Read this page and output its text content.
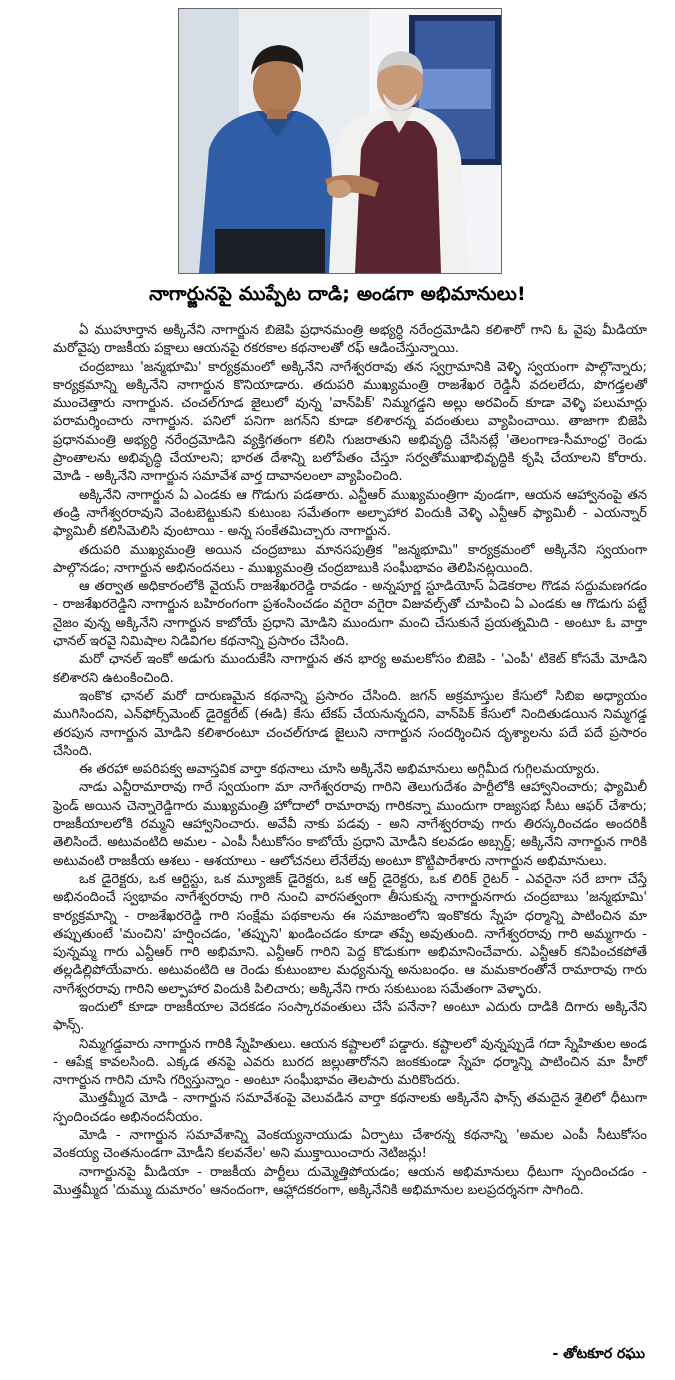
నాగార్జునపై ముప్పేట దాడి; అండగా అభిమానులు!

ఏ ముహూర్తాన అక్కినేని నాగార్జున బిజెపి ప్రధానమంత్రి అభ్యర్ధి నరేంద్రమోడిని కలిశారో గాని ఓ వైపు మీడియా మరోవైపు రాజకీయ పక్షాలు ఆయనపై రకరకాల కథనాలతో రఫ్ ఆడించేస్తున్నాయి.

చంద్రబాబు 'జన్మభూమి' కార్యక్రమంలో అక్కినేని నాగేశ్వరరావు తన స్వగ్రామానికి వెళ్ళి స్వయంగా పాల్గొన్నారు; కార్యక్రమాన్ని అక్కినేని నాగార్జున కొనియాడారు. తదుపరి ముఖ్యమంత్రి రాజశేఖర రెడ్డినీ వదలలేదు, పొగడ్తలతో ముంచెత్తారు నాగార్జున. చంచల్‌గూడ జైలులో వున్న 'వాన్‌పిక్' నిమ్మగడ్డని అల్లు అరవింద్ కూడా వెళ్ళి పలుమార్లు పరామర్శించారు నాగార్జున. పనిలో పనిగా జగన్‌ని కూడా కలిశారన్న వదంతులు వ్యాపించాయి. తాజాగా బిజెపి ప్రధానమంత్రి అభ్యర్ధి నరేంద్రమోడిని వ్యక్తిగతంగా కలిసి గుజరాతుని అభివృద్ధి చేసినట్లే 'తెలంగాణ-సీమాంధ్ర' రెండు ప్రాంతాలను అభివృద్ధి చేయాలని; భారత దేశాన్ని బలోపేతం చేస్తూ సర్వతోముఖాభివృద్ధికి కృషి చేయాలని కోరారు. మోడి - అక్కినేని నాగార్జున సమావేశ వార్త దావానలంలా వ్యాపించింది.

అక్కినేని నాగార్జున ఏ ఎండకు ఆ గొడుగు పడతారు. ఎన్టీఆర్ ముఖ్యమంత్రిగా వుండగా, ఆయన ఆహ్వానంపై తన తండ్రి నాగేశ్వరరావుని వెంటబెట్టుకుని కుటుంబ సమేతంగా అల్పాహార విందుకి వెళ్ళి ఎన్టీఆర్ ఫ్యామిలీ - ఎయన్నార్ ఫ్యామిలీ కలిసిమెలిసి వుంటాయి - అన్న సంకేతమిచ్చారు నాగార్జున.

తదుపరి ముఖ్యమంత్రి అయిన చంద్రబాబు మానసపుత్రిక "జన్మభూమి" కార్యక్రమంలో అక్కినేని స్వయంగా పాల్గొనడం; నాగార్జున అభినందనలు - ముఖ్యమంత్రి చంద్రబాబుకి సంఘీభావం తెలిపినట్లయింది.

ఆ తర్వాత అధికారంలోకి వైయస్ రాజశేఖరరెడ్డి రావడం - అన్నపూర్ణ స్టూడియోస్ ఏడెకరాల గొడవ సద్దుమణగడం - రాజశేఖరరెడ్డిని నాగార్జున బహిరంగంగా ప్రశంసించడం వగైరా వగైరా విజువల్స్‌తో చూపించి ఏ ఎండకు ఆ గొడుగు పట్టే నైజం వున్న అక్కినేని నాగార్జున కాబోయే ప్రధాని మోడిని ముందుగా మంచి చేసుకునే ప్రయత్నమిది - అంటూ ఓ వార్తా ఛానల్ ఇరవై నిమిషాల నిడివిగల కథనాన్ని ప్రసారం చేసింది.

మరో ఛానల్ ఇంకో అడుగు ముందుకేసి నాగార్జున తన భార్య అమలకోసం బిజెపి - 'ఎంపీ' టికెట్ కోసమే మోడిని కలిశారని ఉటంకించింది.

ఇంకొక ఛానల్ మరో దారుణమైన కథనాన్ని ప్రసారం చేసింది. జగన్ అక్రమాస్తుల కేసులో సిబిఐ అధ్యాయం ముగిసిందని, ఎన్‌ఫోర్స్‌మెంట్ డైరెక్టరేట్ (ఈడి) కేసు టేకప్ చేయనున్నదని, వాన్‌పిక్ కేసులో నిందితుడయిన నిమ్మగడ్డ తరపున నాగార్జున మోడిని కలిశారంటూ చంచల్‌గూడ జైలుని నాగార్జున సందర్శించిన దృశ్యాలను పదే పదే ప్రసారం చేసింది.

ఈ తరహా అపరిపక్వ అవాస్తవిక వార్తా కథనాలు చూసి అక్కినేని అభిమానులు అగ్గిమీద గుగ్గిలమయ్యారు.

నాడు ఎన్టీరామారావు గారే స్వయంగా మా నాగేశ్వరరావు గారిని తెలుగుదేశం పార్టీలోకి ఆహ్వానించారు; ఫ్యామిలీ ఫ్రెండ్ అయిన చెన్నారెడ్డిగారు ముఖ్యమంత్రి హోదాలో రామారావు గారికన్నా ముందుగా రాజ్యసభ సీటు ఆఫర్ చేశారు; రాజకీయాలలోకి రమ్మని ఆహ్వానించారు. అవేవీ నాకు పడవు - అని నాగేశ్వరరావు గారు తిరస్కరించడం అందరికీ తెలిసిందే. అటువంటిది అమల - ఎంపీ సీటుకోసం కాబోయే ప్రధాని మోడీని కలవడం అబ్సర్డ్; అక్కినేని నాగార్జున గారికి అటువంటి రాజకీయ ఆశలు - ఆశయాలు - ఆలోచనలు లేనేలేవు అంటూ కొట్టిపారేశారు నాగార్జున అభిమానులు.

ఒక డైరెక్టరు, ఒక ఆర్టిస్టు, ఒక మ్యూజిక్ డైరెక్టరు, ఒక ఆర్ట్ డైరెక్టరు, ఒక లిరిక్ రైటర్ - ఎవరైనా సరే బాగా చేస్తే అభినందించే స్వభావం నాగేశ్వరరావు గారి నుంచి వారసత్వంగా తీసుకున్న నాగార్జునగారు చంద్రబాబు 'జన్మభూమి' కార్యక్రమాన్ని - రాజశేఖరరెడ్డి గారి సంక్షేమ పథకాలను ఈ సమాజంలోని ఇంకొకరు స్నేహ ధర్మాన్ని పాటించిన మా తప్పుతుంటే 'మంచిని' హర్షించడం, 'తప్పుని' ఖండించడం కూడా తప్పే అవుతుంది. నాగేశ్వరరావు గారి అమ్మగారు - పున్నమ్మ గారు ఎన్టీఆర్ గారి అభిమాని. ఎన్టీఆర్ గారిని పెద్ద కొడుకుగా అభిమానించేవారు. ఎన్టీఆర్ కనిపించకపోతే తల్లడిల్లిపోయేవారు. అటువంటిది ఆ రెండు కుటుంబాల మధ్యనున్న అనుబంధం. ఆ మమకారంతోనే రామారావు గారు నాగేశ్వరరావు గారిని అల్పాహార విందుకి పిలిచారు; అక్కినేని గారు సకుటుంబ సమేతంగా వెళ్ళారు.

ఇందులో కూడా రాజకీయాల వెదకడం సంస్కారవంతులు చేసే పనేనా? అంటూ ఎదురు దాడికి దిగారు అక్కినేని ఫాన్స్.

నిమ్మగడ్డవారు నాగార్జున గారికి స్నేహితులు. ఆయన కష్టాలలో పడ్డారు. కష్టాలలో వున్నప్పుడే గదా స్నేహితుల అండ - ఆపేక్ష కావలసింది. ఎక్కడ తనపై ఎవరు బురద జల్లుతారోనని జంకకుండా స్నేహ ధర్మాన్ని పాటించిన మా హీరో నాగార్జున గారిని చూసి గర్విస్తున్నాం - అంటూ సంఘీభావం తెలపారు మరికొందరు.

మొత్తమ్మీద మోడి - నాగార్జున సమావేశంపై వెలువడిన వార్తా కథనాలకు అక్కినేని ఫాన్స్ తమదైన శైలిలో ధీటుగా స్పందించడం అభినందనీయం.

మోడి - నాగార్జున సమావేశాన్ని వెంకయ్యనాయుడు ఏర్పాటు చేశారన్న కథనాన్ని 'అమల ఎంపీ సీటుకోసం వెంకయ్య చెంతనుండగా మోడీని కలవనేల' అని ముక్తాయించారు నెటిజన్లు!

నాగార్జునపై మీడియా - రాజకీయ పార్టీలు దుమ్మెత్తిపోయడం; ఆయన అభిమానులు ధీటుగా స్పందించడం - మొత్తమ్మీద 'దుమ్ము దుమారం' ఆనందంగా, ఆహ్లాదకరంగా, అక్కినేనికి అభిమానుల బలప్రదర్శనగా సాగింది.

- తోటకూర రఘు
